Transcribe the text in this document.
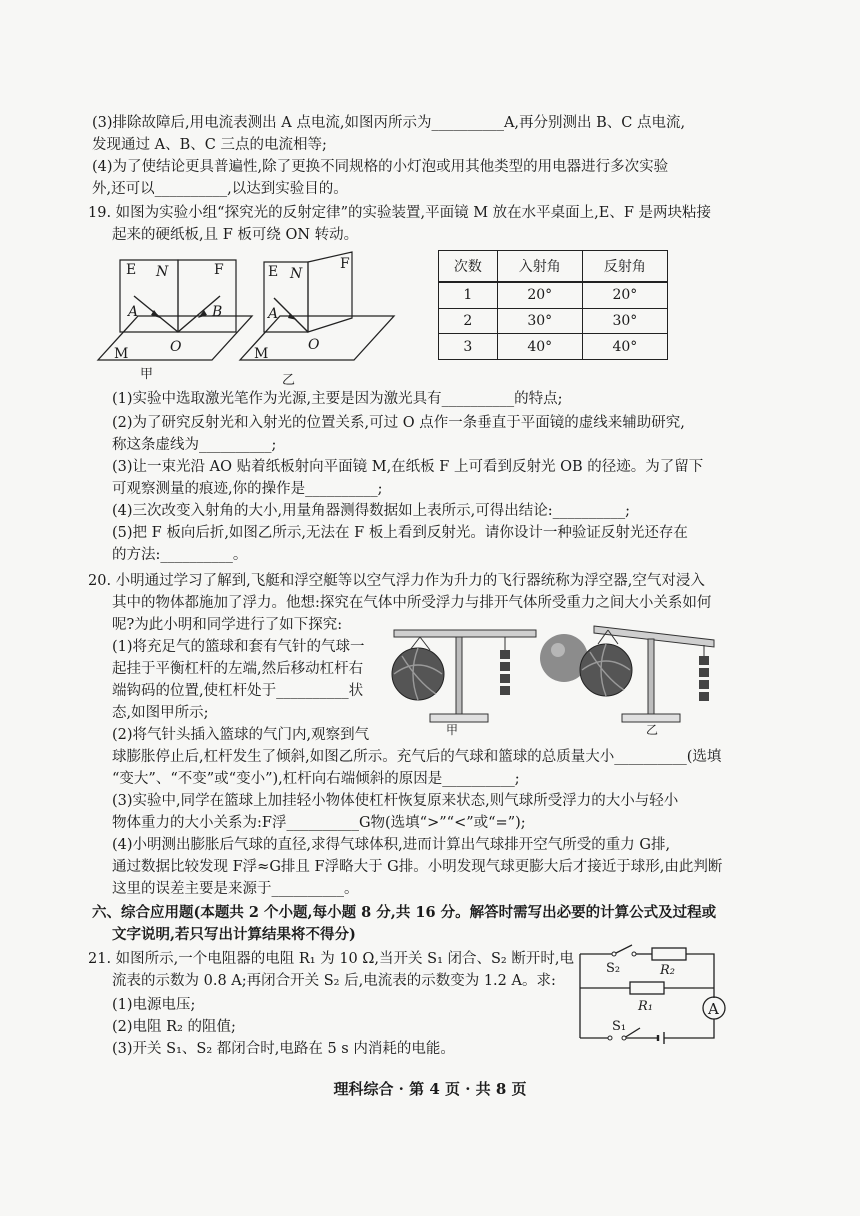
(3)排除故障后,用电流表测出 A 点电流,如图丙所示为__________A,再分别测出 B、C 点电流,
发现通过 A、B、C 三点的电流相等;
(4)为了使结论更具普遍性,除了更换不同规格的小灯泡或用其他类型的用电器进行多次实验
外,还可以__________,以达到实验目的。
19. 如图为实验小组“探究光的反射定律”的实验装置,平面镜 M 放在水平桌面上,E、F 是两块粘接
起来的硬纸板,且 F 板可绕 ON 转动。
E N	F
A	B
O
M
甲
E N
F
A
O
M
乙
次数	入射角	反射角
1	20°	20°
2	30°	30°
3	40°	40°
(1)实验中选取激光笔作为光源,主要是因为激光具有__________的特点;
(2)为了研究反射光和入射光的位置关系,可过 O 点作一条垂直于平面镜的虚线来辅助研究,
称这条虚线为__________;
(3)让一束光沿 AO 贴着纸板射向平面镜 M,在纸板 F 上可看到反射光 OB 的径迹。为了留下
可观察测量的痕迹,你的操作是__________;
(4)三次改变入射角的大小,用量角器测得数据如上表所示,可得出结论:__________;
(5)把 F 板向后折,如图乙所示,无法在 F 板上看到反射光。请你设计一种验证反射光还存在
的方法:__________。
20. 小明通过学习了解到,飞艇和浮空艇等以空气浮力作为升力的飞行器统称为浮空器,空气对浸入
其中的物体都施加了浮力。他想:探究在气体中所受浮力与排开气体所受重力之间大小关系如何
呢?为此小明和同学进行了如下探究:
(1)将充足气的篮球和套有气针的气球一
起挂于平衡杠杆的左端,然后移动杠杆右
端钩码的位置,使杠杆处于__________状
态,如图甲所示;
(2)将气针头插入篮球的气门内,观察到气	甲	乙
球膨胀停止后,杠杆发生了倾斜,如图乙所示。充气后的气球和篮球的总质量大小__________(选填
“变大”、“不变”或“变小”),杠杆向右端倾斜的原因是__________;
(3)实验中,同学在篮球上加挂轻小物体使杠杆恢复原来状态,则气球所受浮力的大小与轻小
物体重力的大小关系为:F浮__________G物(选填“>”“<”或“=”);
(4)小明测出膨胀后气球的直径,求得气球体积,进而计算出气球排开空气所受的重力 G排,
通过数据比较发现 F浮≈G排且 F浮略大于 G排。小明发现气球更膨大后才接近于球形,由此判断
这里的误差主要是来源于__________。
六、综合应用题(本题共 2 个小题,每小题 8 分,共 16 分。解答时需写出必要的计算公式及过程或
文字说明,若只写出计算结果将不得分)
21. 如图所示,一个电阻器的电阻 R₁ 为 10 Ω,当开关 S₁ 闭合、S₂ 断开时,电
流表的示数为 0.8 A;再闭合开关 S₂ 后,电流表的示数变为 1.2 A。求:
(1)电源电压;
(2)电阻 R₂ 的阻值;
(3)开关 S₁、S₂ 都闭合时,电路在 5 s 内消耗的电能。
A
S₂	R₂
R₁
S₁
理科综合 · 第 4 页 · 共 8 页
